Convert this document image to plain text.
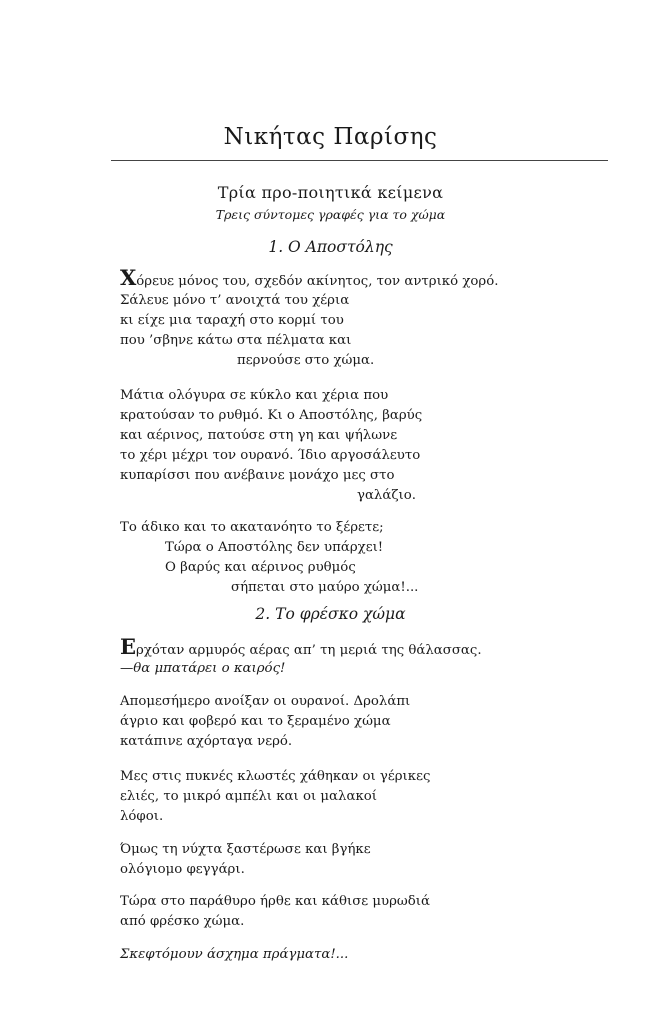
Νικήτας Παρίσης
Τρία προ-ποιητικά κείμενα
Τρεις σύντομες γραφές για το χώμα
1. Ο Αποστόλης
Χόρευε μόνος του, σχεδόν ακίνητος, τον αντρικό χορό.
Σάλευε μόνο τ’ ανοιχτά του χέρια
κι είχε μια ταραχή στο κορμί του
που ’σβηνε κάτω στα πέλματα και
περνούσε στο χώμα.
Μάτια ολόγυρα σε κύκλο και χέρια που
κρατούσαν το ρυθμό. Κι ο Αποστόλης, βαρύς
και αέρινος, πατούσε στη γη και ψήλωνε
το χέρι μέχρι τον ουρανό. Ίδιο αργοσάλευτο
κυπαρίσσι που ανέβαινε μονάχο μες στο
γαλάζιο.
Το άδικο και το ακατανόητο το ξέρετε;
Τώρα ο Αποστόλης δεν υπάρχει!
Ο βαρύς και αέρινος ρυθμός
σήπεται στο μαύρο χώμα!...
2. Το φρέσκο χώμα
Ερχόταν αρμυρός αέρας απ’ τη μεριά της θάλασσας.
—θα μπατάρει ο καιρός!
Απομεσήμερο ανοίξαν οι ουρανοί. Δρολάπι
άγριο και φοβερό και το ξεραμένο χώμα
κατάπινε αχόρταγα νερό.
Μες στις πυκνές κλωστές χάθηκαν οι γέρικες
ελιές, το μικρό αμπέλι και οι μαλακοί
λόφοι.
Όμως τη νύχτα ξαστέρωσε και βγήκε
ολόγιομο φεγγάρι.
Τώρα στο παράθυρο ήρθε και κάθισε μυρωδιά
από φρέσκο χώμα.
Σκεφτόμουν άσχημα πράγματα!...
